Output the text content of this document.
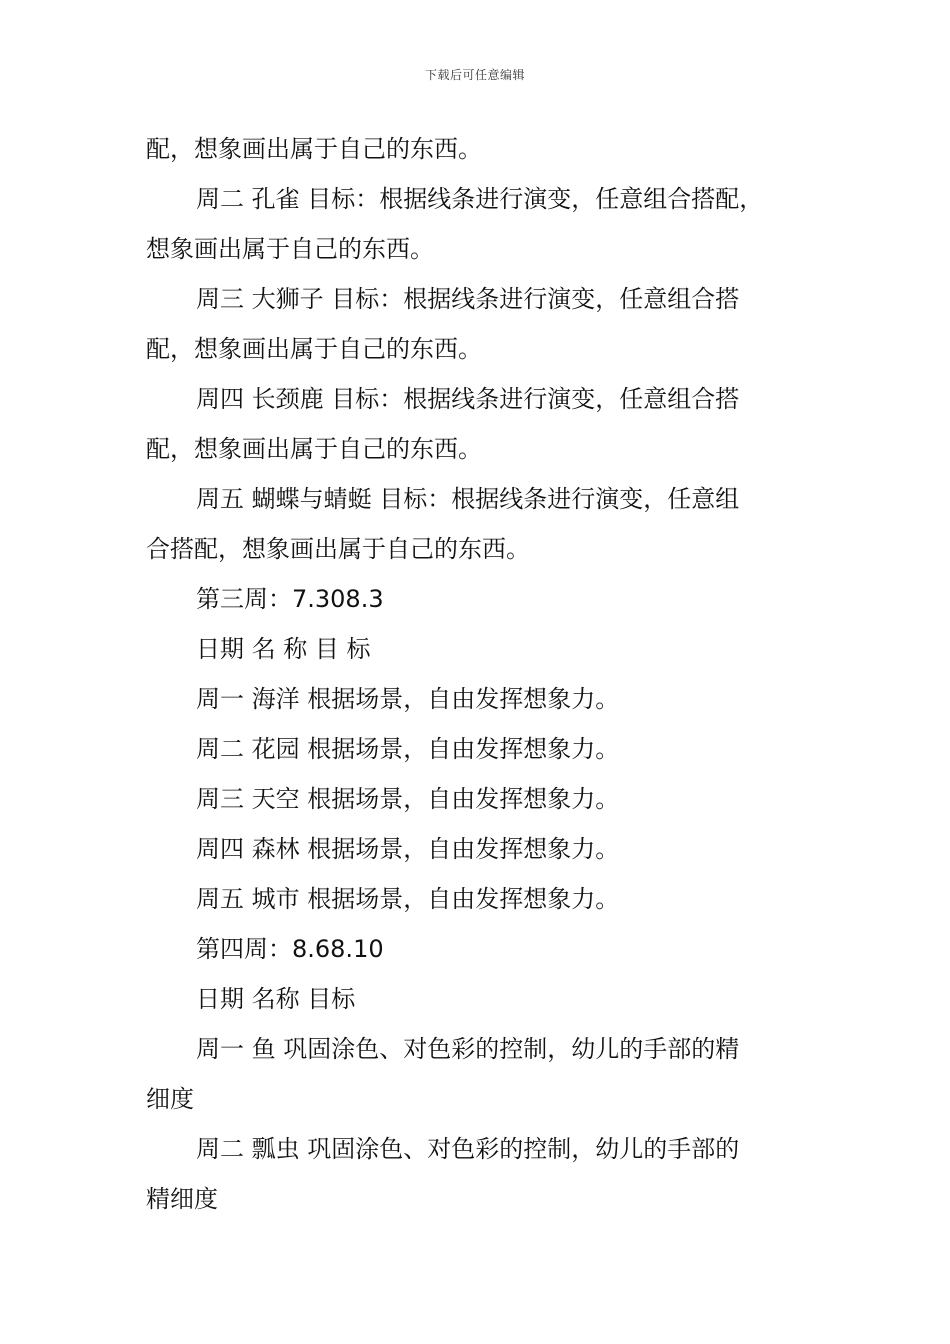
下载后可任意编辑

配，想象画出属于自己的东西。

周二 孔雀 目标：根据线条进行演变，任意组合搭配，

想象画出属于自己的东西。

周三 大狮子 目标：根据线条进行演变，任意组合搭

配，想象画出属于自己的东西。

周四 长颈鹿 目标：根据线条进行演变，任意组合搭

配，想象画出属于自己的东西。

周五 蝴蝶与蜻蜓 目标：根据线条进行演变，任意组

合搭配，想象画出属于自己的东西。

第三周：7.308.3

日期 名 称 目 标

周一 海洋 根据场景，自由发挥想象力。

周二 花园 根据场景，自由发挥想象力。

周三 天空 根据场景，自由发挥想象力。

周四 森林 根据场景，自由发挥想象力。

周五 城市 根据场景，自由发挥想象力。

第四周：8.68.10

日期 名称 目标

周一 鱼 巩固涂色、对色彩的控制，幼儿的手部的精

细度

周二 瓢虫 巩固涂色、对色彩的控制，幼儿的手部的

精细度
